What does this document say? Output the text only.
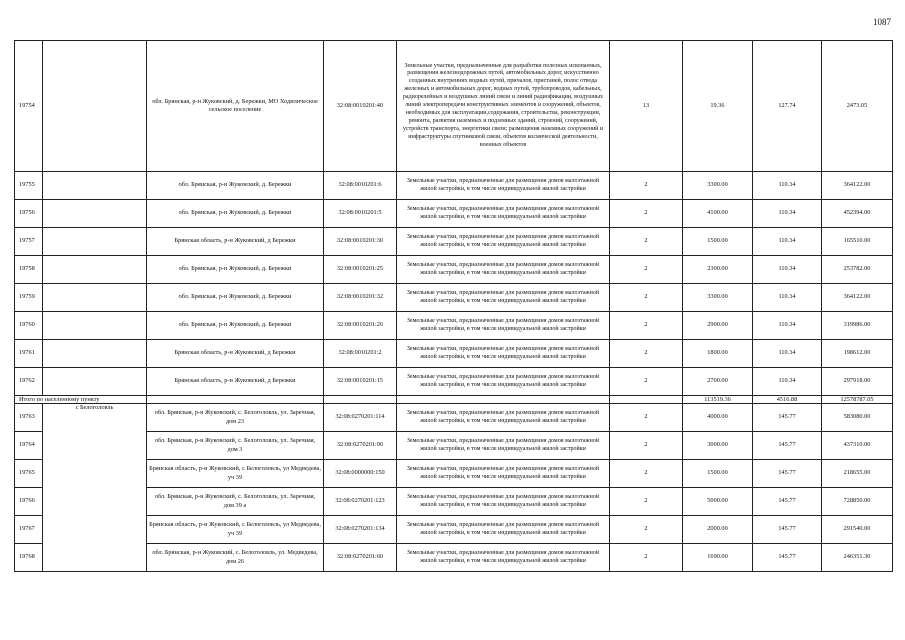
1087
19754		обл. Брянская, р-н Жуковский, д. Бережки, МО Ходилическое сельское поселение	32:08:0010201:40	Земельные участки, предназначенные для разработки полезных ископаемых, размещения железнодорожных путей, автомобильных дорог, искусственно созданных внутренних водных путей, причалов, пристаней, полос отвода железных и автомобильных дорог, водных путей, трубопроводов, кабельных, радиорелейных и воздушных линий связи и линий радиофикации, воздушных линий электропередачи конструктивных элементов и сооружений, объектов, необходимых для эксплуатации,содержания, строительства, реконструкции, ремонта, развития наземных и подземных зданий, строений, сооружений, устройств транспорта, энергетики связи; размещения наземных сооружений и инфраструктуры спутниковой связи, объектов космической деятельности, военных объектов	13	19.36	127.74	2473.05
19755		обл. Брянская, р-н Жуковский, д. Бережки	32:08:0010201:6	Земельные участки, предназначенные для размещения домов малоэтажной жилой застройки, в том числе индивидуальной жилой застройки	2	3300.00	110.34	364122.00
19756		обл. Брянская, р-н Жуковский, д. Бережки	32:08:0010201:5	Земельные участки, предназначенные для размещения домов малоэтажной жилой застройки, в том числе индивидуальной жилой застройки	2	4100.00	110.34	452394.00
19757		Брянская область, р-н Жуковский, д Бережки	32:08:0010201:30	Земельные участки, предназначенные для размещения домов малоэтажной жилой застройки, в том числе индивидуальной жилой застройки	2	1500.00	110.34	165510.00
19758		обл. Брянская, р-н Жуковский, д. Бережки	32:08:0010201:25	Земельные участки, предназначенные для размещения домов малоэтажной жилой застройки, в том числе индивидуальной жилой застройки	2	2300.00	110.34	253782.00
19759		обл. Брянская, р-н Жуковский, д. Бережки	32:08:0010201:32	Земельные участки, предназначенные для размещения домов малоэтажной жилой застройки, в том числе индивидуальной жилой застройки	2	3300.00	110.34	364122.00
19760		обл. Брянская, р-н Жуковский, д. Бережки	32:08:0010201:26	Земельные участки, предназначенные для размещения домов малоэтажной жилой застройки, в том числе индивидуальной жилой застройки	2	2900.00	110.34	319986.00
19761		Брянская область, р-н Жуковский, д Бережки	32:08:0010201:2	Земельные участки, предназначенные для размещения домов малоэтажной жилой застройки, в том числе индивидуальной жилой застройки	2	1800.00	110.34	198612.00
19762		Брянская область, р-н Жуковский, д Бережки	32:08:0010201:15	Земельные участки, предназначенные для размещения домов малоэтажной жилой застройки, в том числе индивидуальной жилой застройки	2	2700.00	110.34	297918.00
Итого по населенному пункту						113519.36	4516.88	12578787.05
19763	с Белоголовль	обл. Брянская, р-н Жуковский, с. Белоголовль, ул. Заречная, дом 23	32:08:0270201:114	Земельные участки, предназначенные для размещения домов малоэтажной жилой застройки, в том числе индивидуальной жилой застройки	2	4000.00	145.77	583080.00
19764		обл. Брянская, р-н Жуковский, с. Белоголовль, ул. Заречная, дом 3	32:08:0270201:90	Земельные участки, предназначенные для размещения домов малоэтажной жилой застройки, в том числе индивидуальной жилой застройки	2	3000.00	145.77	437310.00
19765		Брянская область, р-н Жуковский, с Белоголовль, ул Медведева, уч 39	32:08:0000000:150	Земельные участки, предназначенные для размещения домов малоэтажной жилой застройки, в том числе индивидуальной жилой застройки	2	1500.00	145.77	218655.00
19766		обл. Брянская, р-н Жуковский, с. Белоголовль, ул. Заречная, дом 39 а	32:08:0270201:123	Земельные участки, предназначенные для размещения домов малоэтажной жилой застройки, в том числе индивидуальной жилой застройки	2	5000.00	145.77	728850.00
19767		Брянская область, р-н Жуковский, с Белоголовль, ул Медведева, уч 39	32:08:0270201:134	Земельные участки, предназначенные для размещения домов малоэтажной жилой застройки, в том числе индивидуальной жилой застройки	2	2000.00	145.77	291540.00
19768		обл. Брянская, р-н Жуковский, с. Белоголовль, ул. Медведева, дом 26	32:08:0270201:60	Земельные участки, предназначенные для размещения домов малоэтажной жилой застройки, в том числе индивидуальной жилой застройки	2	1690.00	145.77	246351.30
